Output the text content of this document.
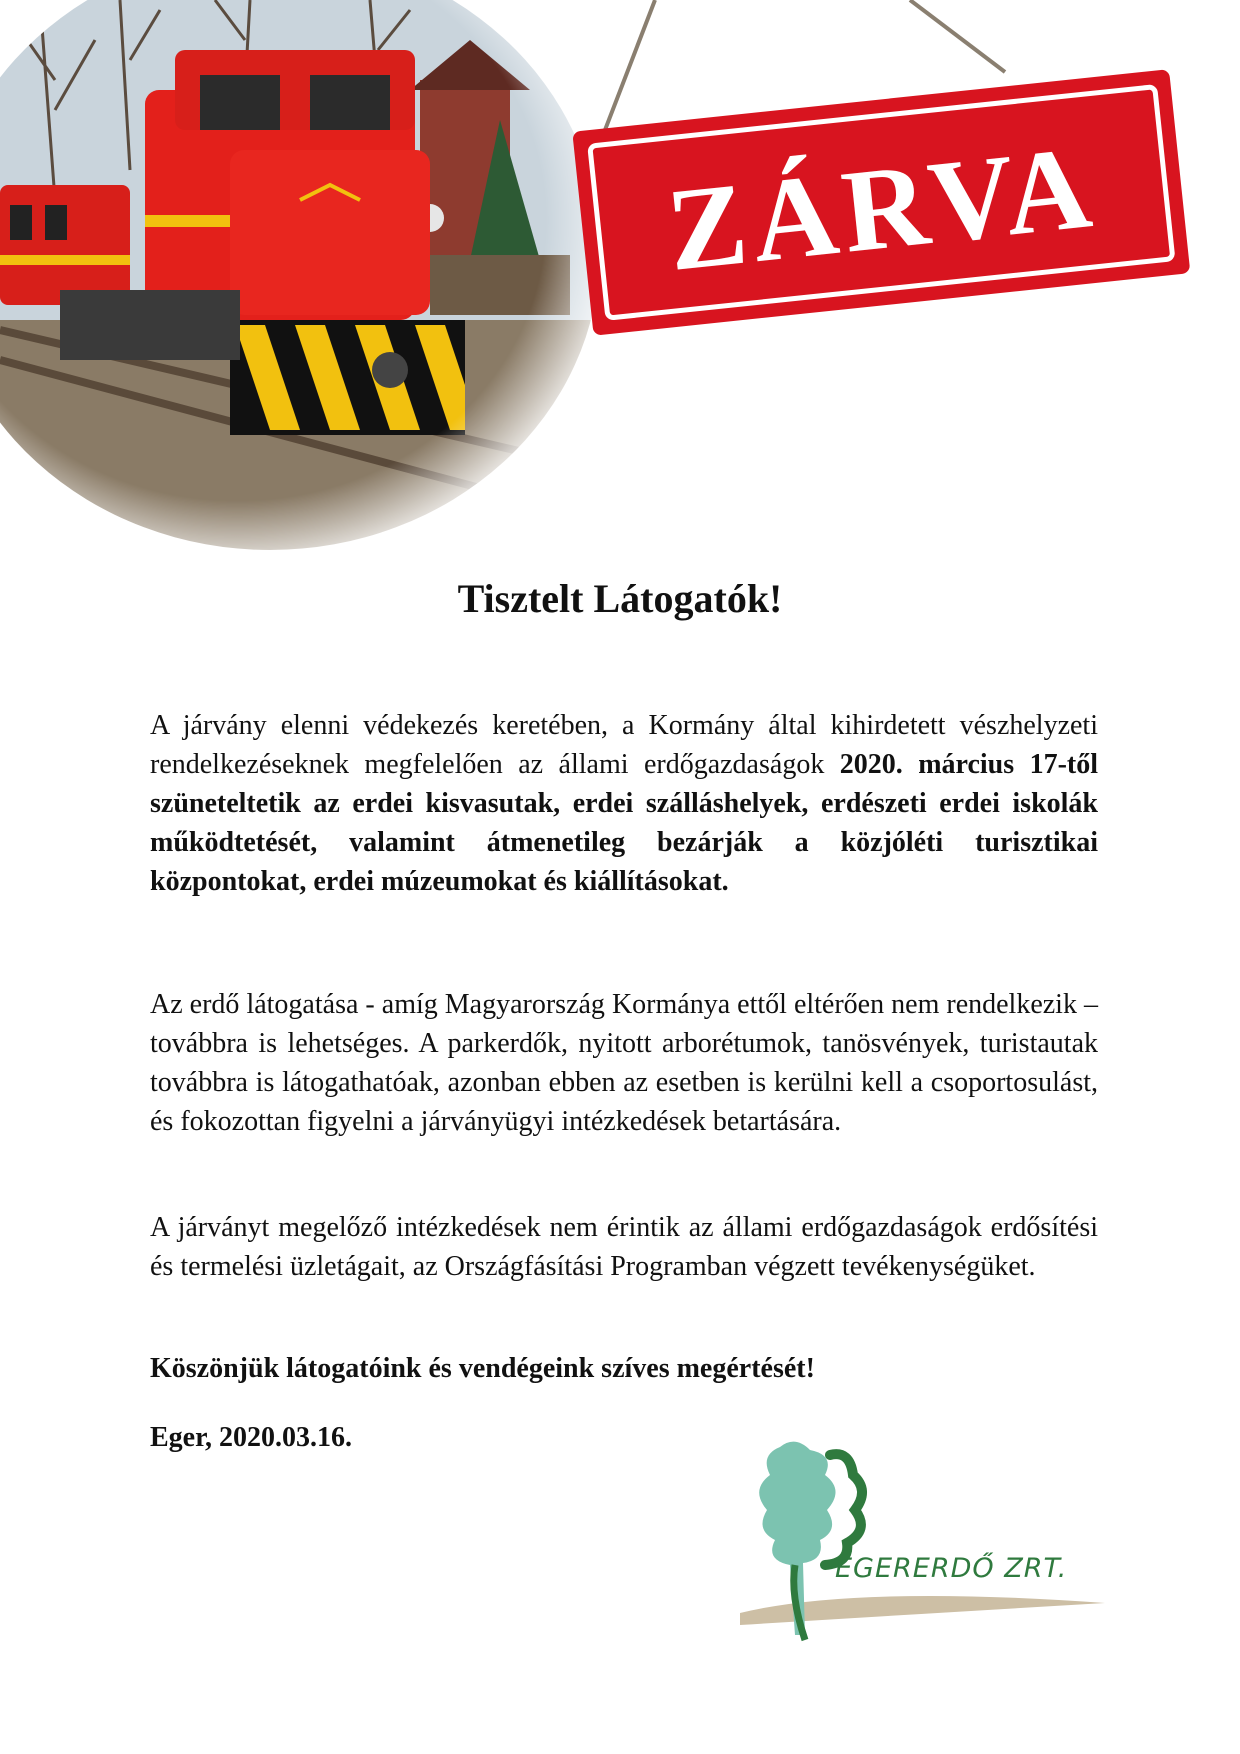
ZÁRVA
Tisztelt Látogatók!

A járvány elenni védekezés keretében, a Kormány által kihirdetett vészhelyzeti rendelkezéseknek megfelelően az állami erdőgazdaságok 2020. március 17-től szüneteltetik az erdei kisvasutak, erdei szálláshelyek, erdészeti erdei iskolák működtetését, valamint átmenetileg bezárják a közjóléti turisztikai központokat, erdei múzeumokat és kiállításokat.

Az erdő látogatása - amíg Magyarország Kormánya ettől eltérően nem rendelkezik – továbbra is lehetséges. A parkerdők, nyitott arborétumok, tanösvények, turistautak továbbra is látogathatóak, azonban ebben az esetben is kerülni kell a csoportosulást, és fokozottan figyelni a járványügyi intézkedések betartására.

A járványt megelőző intézkedések nem érintik az állami erdőgazdaságok erdősítési és termelési üzletágait, az Országfásítási Programban végzett tevékenységüket.

Köszönjük látogatóink és vendégeink szíves megértését!

Eger, 2020.03.16.

EGERERDŐ ZRT.
